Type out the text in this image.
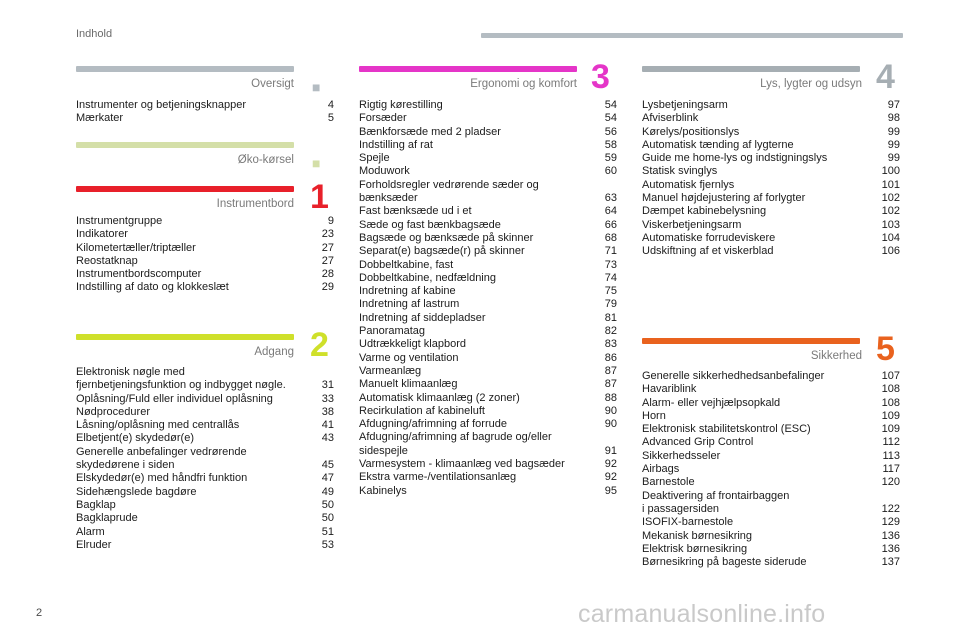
Indhold
Oversigt ■
Instrumenter og betjeningsknapper	4
Mærkater	5
Øko-kørsel ■
Instrumentbord 1
Instrumentgruppe	9
Indikatorer	23
Kilometertæller/triptæller	27
Reostatknap	27
Instrumentbordscomputer	28
Indstilling af dato og klokkeslæt	29
Adgang 2
Elektronisk nøgle med
fjernbetjeningsfunktion og indbygget nøgle.	31
Oplåsning/Fuld eller individuel oplåsning	33
Nødprocedurer	38
Låsning/oplåsning med centrallås	41
Elbetjent(e) skydedør(e)	43
Generelle anbefalinger vedrørende
skydedørene i siden	45
Elskydedør(e) med håndfri funktion	47
Sidehængslede bagdøre	49
Bagklap	50
Bagklaprude	50
Alarm	51
Elruder	53
Ergonomi og komfort 3
Rigtig kørestilling	54
Forsæder	54
Bænkforsæde med 2 pladser	56
Indstilling af rat	58
Spejle	59
Moduwork	60
Forholdsregler vedrørende sæder og
bænksæder	63
Fast bænksæde ud i et	64
Sæde og fast bænkbagsæde	66
Bagsæde og bænksæde på skinner	68
Separat(e) bagsæde(r) på skinner	71
Dobbeltkabine, fast	73
Dobbeltkabine, nedfældning	74
Indretning af kabine	75
Indretning af lastrum	79
Indretning af siddepladser	81
Panoramatag	82
Udtrækkeligt klapbord	83
Varme og ventilation	86
Varmeanlæg	87
Manuelt klimaanlæg	87
Automatisk klimaanlæg (2 zoner)	88
Recirkulation af kabineluft	90
Afdugning/afrimning af forrude	90
Afdugning/afrimning af bagrude og/eller
sidespejle	91
Varmesystem - klimaanlæg ved bagsæder	92
Ekstra varme-/ventilationsanlæg	92
Kabinelys	95
Lys, lygter og udsyn 4
Lysbetjeningsarm	97
Afviserblink	98
Kørelys/positionslys	99
Automatisk tænding af lygterne	99
Guide me home-lys og indstigningslys	99
Statisk svinglys	100
Automatisk fjernlys	101
Manuel højdejustering af forlygter	102
Dæmpet kabinebelysning	102
Viskerbetjeningsarm	103
Automatiske forrudeviskere	104
Udskiftning af et viskerblad	106
Sikkerhed 5
Generelle sikkerhedhedsanbefalinger	107
Havariblink	108
Alarm- eller vejhjælpsopkald	108
Horn	109
Elektronisk stabilitetskontrol (ESC)	109
Advanced Grip Control	112
Sikkerhedsseler	113
Airbags	117
Barnestole	120
Deaktivering af frontairbaggen
i passagersiden	122
ISOFIX-barnestole	129
Mekanisk børnesikring	136
Elektrisk børnesikring	136
Børnesikring på bageste siderude	137
2	carmanualsonline.info
